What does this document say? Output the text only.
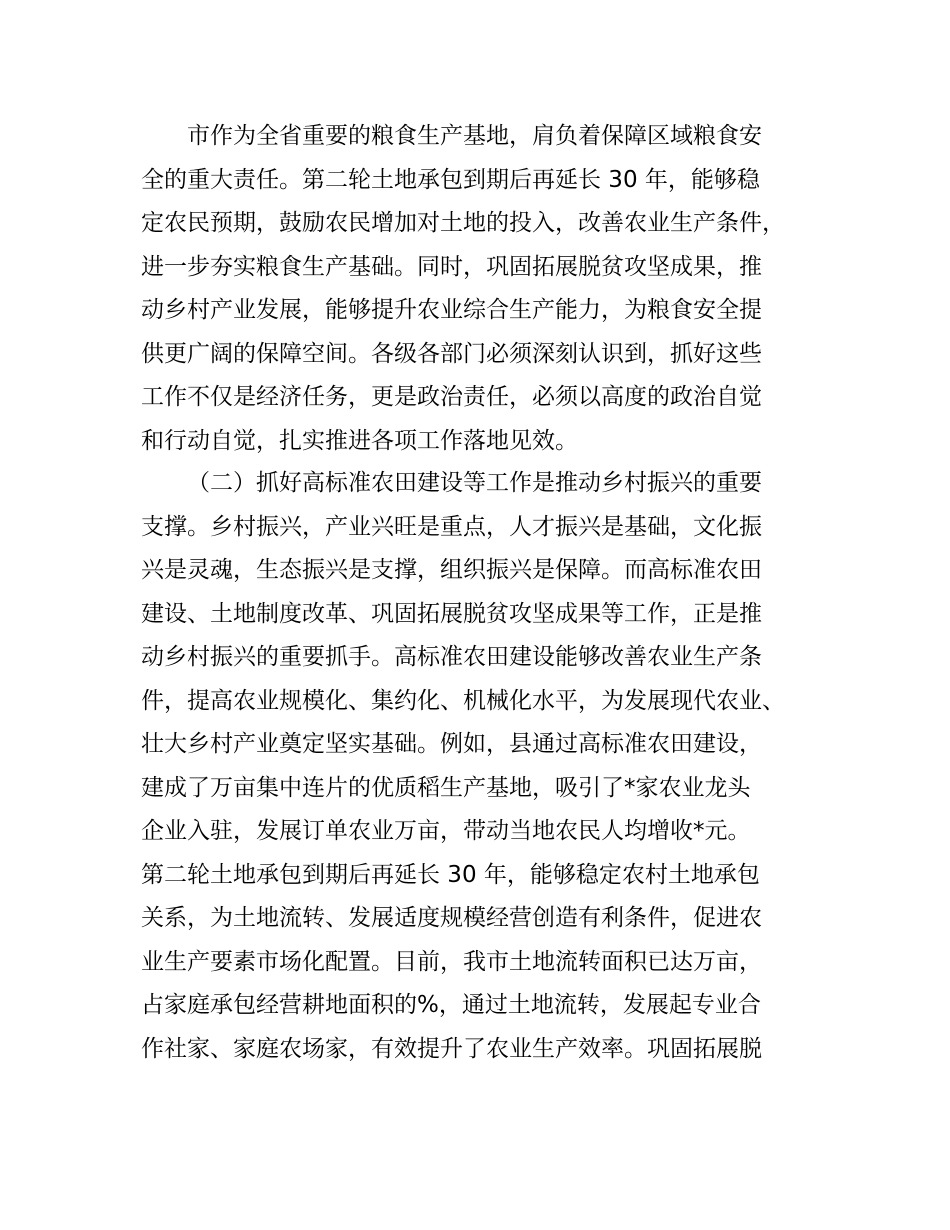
市作为全省重要的粮食生产基地，肩负着保障区域粮食安
全的重大责任。第二轮土地承包到期后再延长 30 年，能够稳
定农民预期，鼓励农民增加对土地的投入，改善农业生产条件，
进一步夯实粮食生产基础。同时，巩固拓展脱贫攻坚成果，推
动乡村产业发展，能够提升农业综合生产能力，为粮食安全提
供更广阔的保障空间。各级各部门必须深刻认识到，抓好这些
工作不仅是经济任务，更是政治责任，必须以高度的政治自觉
和行动自觉，扎实推进各项工作落地见效。
（二）抓好高标准农田建设等工作是推动乡村振兴的重要
支撑。乡村振兴，产业兴旺是重点，人才振兴是基础，文化振
兴是灵魂，生态振兴是支撑，组织振兴是保障。而高标准农田
建设、土地制度改革、巩固拓展脱贫攻坚成果等工作，正是推
动乡村振兴的重要抓手。高标准农田建设能够改善农业生产条
件，提高农业规模化、集约化、机械化水平，为发展现代农业、
壮大乡村产业奠定坚实基础。例如，县通过高标准农田建设，
建成了万亩集中连片的优质稻生产基地，吸引了*家农业龙头
企业入驻，发展订单农业万亩，带动当地农民人均增收*元。
第二轮土地承包到期后再延长 30 年，能够稳定农村土地承包
关系，为土地流转、发展适度规模经营创造有利条件，促进农
业生产要素市场化配置。目前，我市土地流转面积已达万亩，
占家庭承包经营耕地面积的%，通过土地流转，发展起专业合
作社家、家庭农场家，有效提升了农业生产效率。巩固拓展脱
